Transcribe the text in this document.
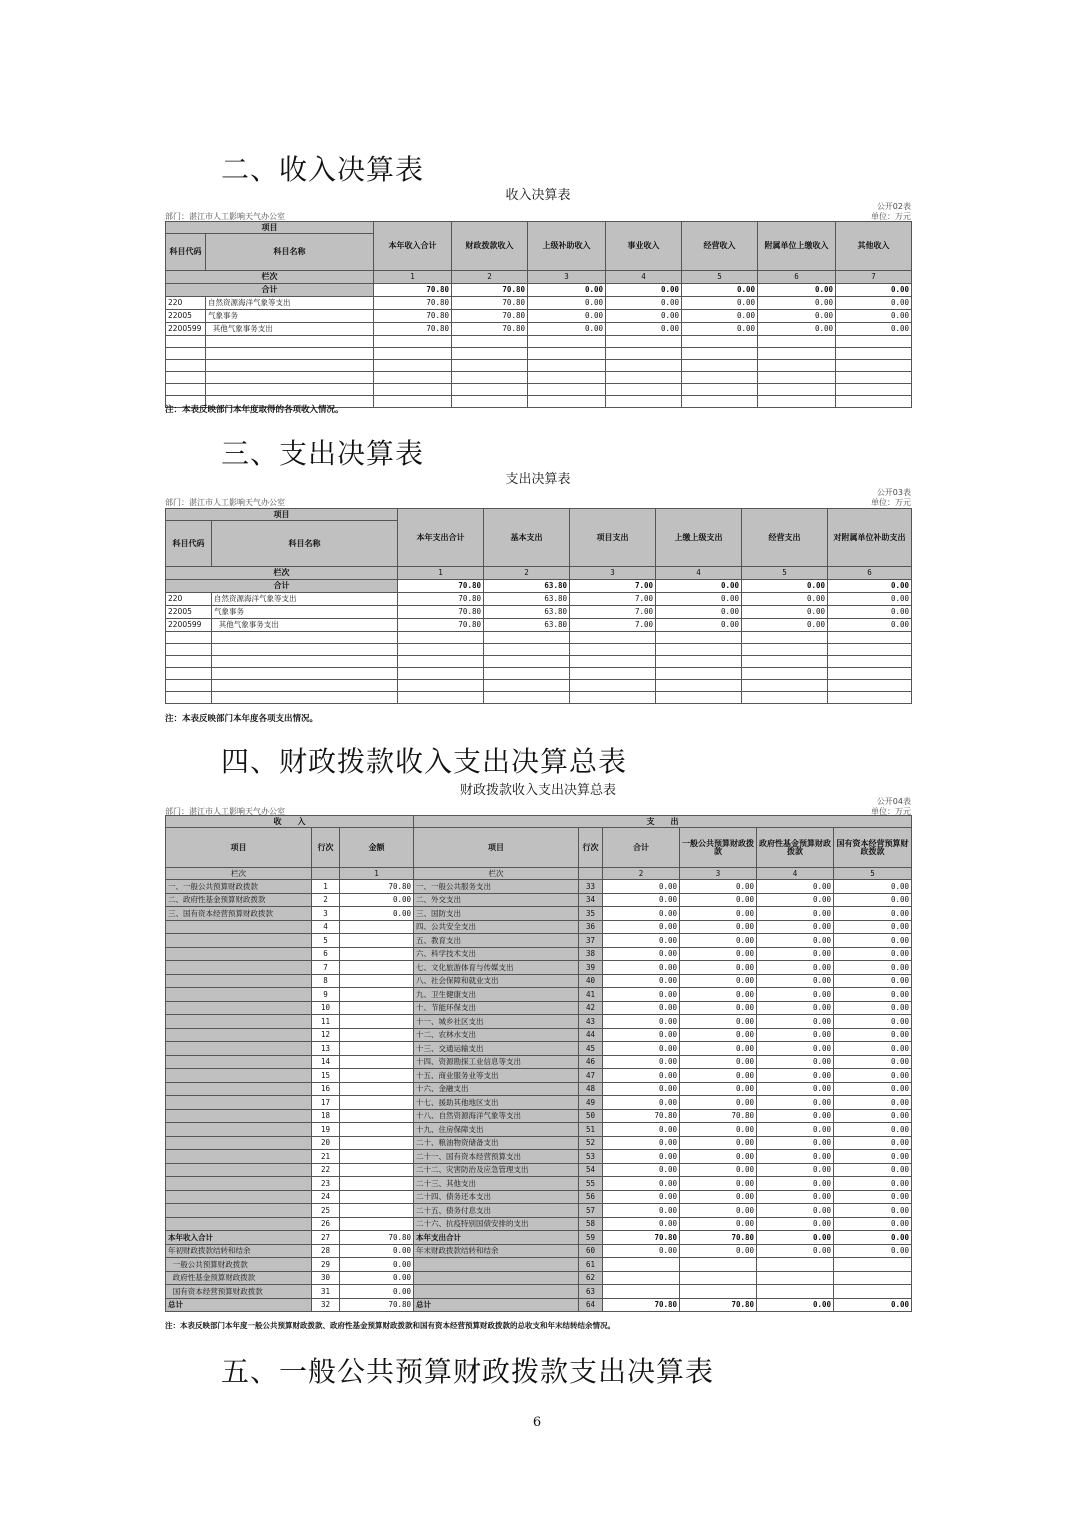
二、收入决算表
收入决算表
公开02表
部门：湛江市人工影响天气办公室	单位：万元
项目		本年收入合计	财政拨款收入	上级补助收入	事业收入	经营收入	附属单位上缴收入	其他收入
科目代码	科目名称							
栏次		1	2	3	4	5	6	7
合计		70.80	70.80	0.00	0.00	0.00	0.00	0.00
220	自然资源海洋气象等支出	70.80	70.80	0.00	0.00	0.00	0.00	0.00
22005	气象事务	70.80	70.80	0.00	0.00	0.00	0.00	0.00
2200599	其他气象事务支出	70.80	70.80	0.00	0.00	0.00	0.00	0.00

注：本表反映部门本年度取得的各项收入情况。
三、支出决算表
支出决算表
公开03表
部门：湛江市人工影响天气办公室	单位：万元
项目		本年支出合计	基本支出	项目支出	上缴上级支出	经营支出	对附属单位补助支出
科目代码	科目名称						
栏次		1	2	3	4	5	6
合计		70.80	63.80	7.00	0.00	0.00	0.00
220	自然资源海洋气象等支出	70.80	63.80	7.00	0.00	0.00	0.00
22005	气象事务	70.80	63.80	7.00	0.00	0.00	0.00
2200599	其他气象事务支出	70.80	63.80	7.00	0.00	0.00	0.00

注：本表反映部门本年度各项支出情况。
四、财政拨款收入支出决算总表
财政拨款收入支出决算总表
公开04表
部门：湛江市人工影响天气办公室	单位：万元
收　　入			支　　出					
项目	行次	金额	项目	行次	合计	一般公共预算财政拨款	政府性基金预算财政拨款	国有资本经营预算财政拨款
栏次		1	栏次		2	3	4	5
一、一般公共预算财政拨款	1	70.80	一、一般公共服务支出	33	0.00	0.00	0.00	0.00
二、政府性基金预算财政拨款	2	0.00	二、外交支出	34	0.00	0.00	0.00	0.00
三、国有资本经营预算财政拨款	3	0.00	三、国防支出	35	0.00	0.00	0.00	0.00
	4		四、公共安全支出	36	0.00	0.00	0.00	0.00
	5		五、教育支出	37	0.00	0.00	0.00	0.00
	6		六、科学技术支出	38	0.00	0.00	0.00	0.00
	7		七、文化旅游体育与传媒支出	39	0.00	0.00	0.00	0.00
	8		八、社会保障和就业支出	40	0.00	0.00	0.00	0.00
	9		九、卫生健康支出	41	0.00	0.00	0.00	0.00
	10		十、节能环保支出	42	0.00	0.00	0.00	0.00
	11		十一、城乡社区支出	43	0.00	0.00	0.00	0.00
	12		十二、农林水支出	44	0.00	0.00	0.00	0.00
	13		十三、交通运输支出	45	0.00	0.00	0.00	0.00
	14		十四、资源勘探工业信息等支出	46	0.00	0.00	0.00	0.00
	15		十五、商业服务业等支出	47	0.00	0.00	0.00	0.00
	16		十六、金融支出	48	0.00	0.00	0.00	0.00
	17		十七、援助其他地区支出	49	0.00	0.00	0.00	0.00
	18		十八、自然资源海洋气象等支出	50	70.80	70.80	0.00	0.00
	19		十九、住房保障支出	51	0.00	0.00	0.00	0.00
	20		二十、粮油物资储备支出	52	0.00	0.00	0.00	0.00
	21		二十一、国有资本经营预算支出	53	0.00	0.00	0.00	0.00
	22		二十二、灾害防治及应急管理支出	54	0.00	0.00	0.00	0.00
	23		二十三、其他支出	55	0.00	0.00	0.00	0.00
	24		二十四、债务还本支出	56	0.00	0.00	0.00	0.00
	25		二十五、债务付息支出	57	0.00	0.00	0.00	0.00
	26		二十六、抗疫特别国债安排的支出	58	0.00	0.00	0.00	0.00
本年收入合计	27	70.80	本年支出合计	59	70.80	70.80	0.00	0.00
年初财政拨款结转和结余	28	0.00	年末财政拨款结转和结余	60	0.00	0.00	0.00	0.00
一般公共预算财政拨款	29	0.00		61				
政府性基金预算财政拨款	30	0.00		62				
国有资本经营预算财政拨款	31	0.00		63				
总计	32	70.80	总计	64	70.80	70.80	0.00	0.00
注：本表反映部门本年度一般公共预算财政拨款、政府性基金预算财政拨款和国有资本经营预算财政拨款的总收支和年末结转结余情况。
五、一般公共预算财政拨款支出决算表
6
